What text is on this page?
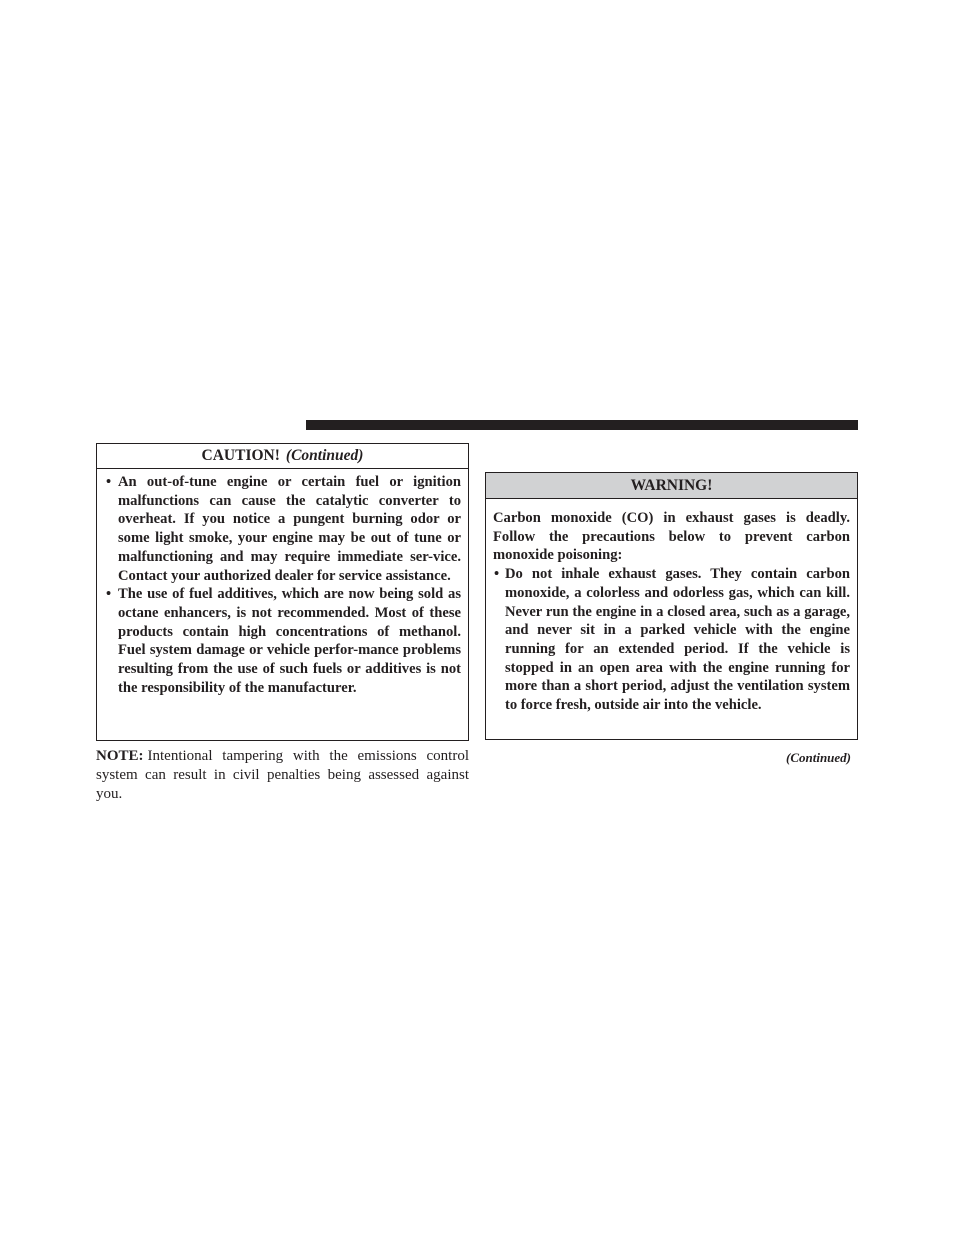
CAUTION! (Continued)
• An out-of-tune engine or certain fuel or ignition malfunctions can cause the catalytic converter to overheat. If you notice a pungent burning odor or some light smoke, your engine may be out of tune or malfunctioning and may require immediate ser-vice. Contact your authorized dealer for service assistance.
• The use of fuel additives, which are now being sold as octane enhancers, is not recommended. Most of these products contain high concentrations of methanol. Fuel system damage or vehicle perfor-mance problems resulting from the use of such fuels or additives is not the responsibility of the manufacturer.
NOTE: Intentional tampering with the emissions control system can result in civil penalties being assessed against you.
WARNING!
Carbon monoxide (CO) in exhaust gases is deadly. Follow the precautions below to prevent carbon monoxide poisoning:
• Do not inhale exhaust gases. They contain carbon monoxide, a colorless and odorless gas, which can kill. Never run the engine in a closed area, such as a garage, and never sit in a parked vehicle with the engine running for an extended period. If the vehicle is stopped in an open area with the engine running for more than a short period, adjust the ventilation system to force fresh, outside air into the vehicle.
(Continued)
